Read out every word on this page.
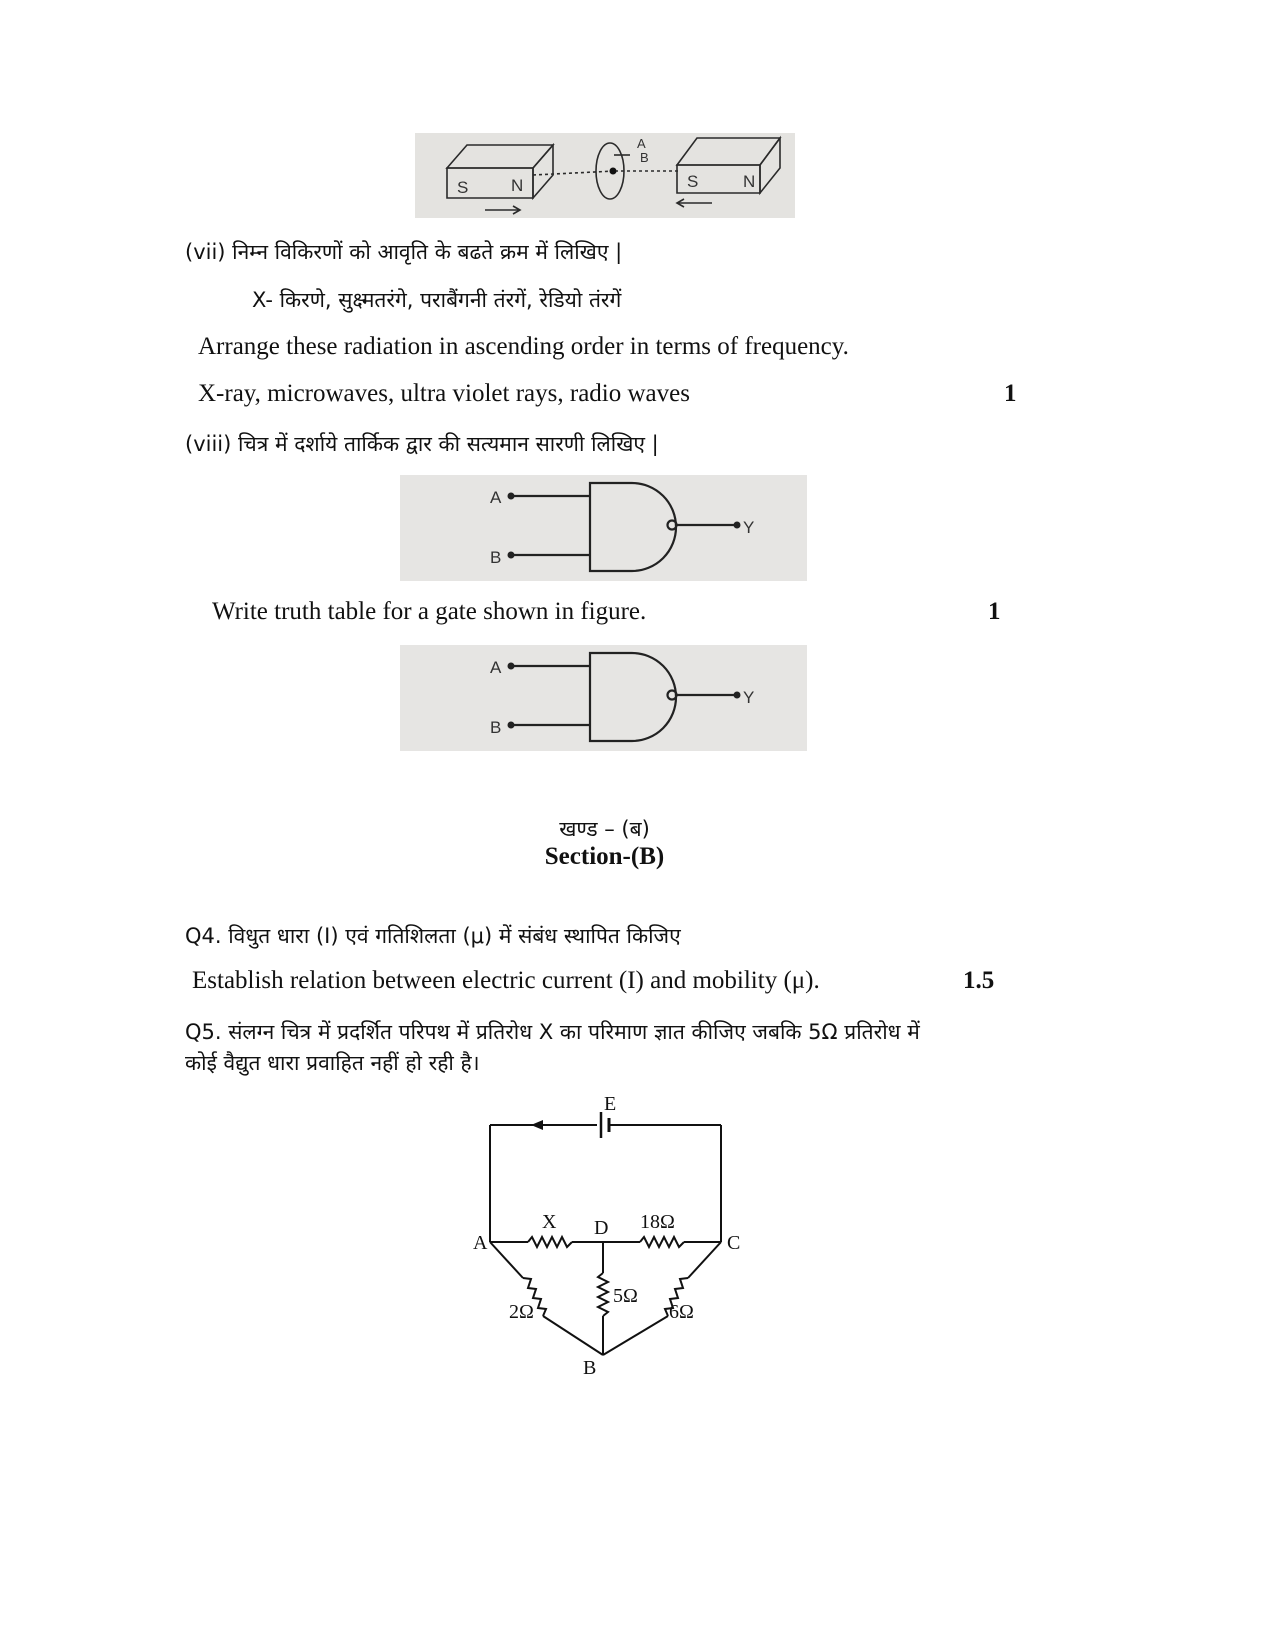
S	N	S	N
A
B
(vii) निम्न विकिरणों को आवृति के बढते क्रम में लिखिए |
X- किरणे, सुक्ष्मतरंगे, पराबैंगनी तंरगें, रेडियो तंरगें
Arrange these radiation in ascending order in terms of frequency.
X-ray, microwaves, ultra violet rays, radio waves	1
(viii) चित्र में दर्शाये तार्किक द्वार की सत्यमान सारणी लिखिए |
A
B
Y
Write truth table for a gate shown in figure.	1
A
B
Y
खण्ड – (ब)
Section-(B)
Q4. विधुत धारा (I) एवं गतिशिलता (μ) में संबंध स्थापित किजिए
Establish relation between electric current (I) and mobility (μ).	1.5
Q5. संलग्न चित्र में प्रदर्शित परिपथ में प्रतिरोध X का परिमाण ज्ञात कीजिए जबकि 5Ω प्रतिरोध में
कोई वैद्युत धारा प्रवाहित नहीं हो रही है।
E
A	C
D
B
X	18Ω
2Ω
5Ω
6Ω
